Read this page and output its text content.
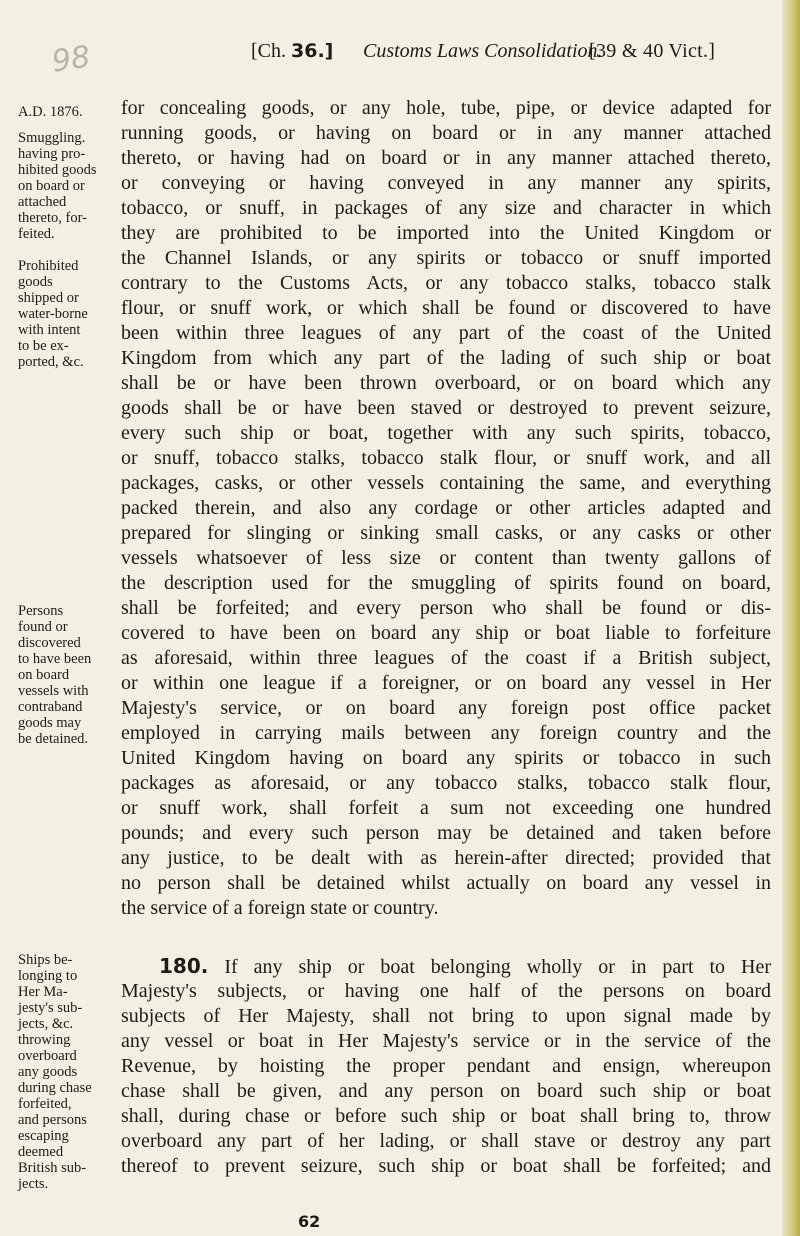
98	[Ch. 36.] Customs Laws Consolidation.
[39 & 40 Vict.]
A.D. 1876.
Smuggling.
having pro-
hibited goods
on board or
attached
thereto, for-
feited.
Prohibited
goods
shipped or
water-borne
with intent
to be ex-
ported, &c.
Persons
found or
discovered
to have been
on board
vessels with
contraband
goods may
be detained.
Ships be-
longing to
Her Ma-
jesty's sub-
jects, &c.
throwing
overboard
any goods
during chase
forfeited,
and persons
escaping
deemed
British sub-
jects.
for concealing goods, or any hole, tube, pipe, or device adapted for
running goods, or having on board or in any manner attached
thereto, or having had on board or in any manner attached thereto,
or conveying or having conveyed in any manner any spirits,
tobacco, or snuff, in packages of any size and character in which
they are prohibited to be imported into the United Kingdom or
the Channel Islands, or any spirits or tobacco or snuff imported
contrary to the Customs Acts, or any tobacco stalks, tobacco stalk
flour, or snuff work, or which shall be found or discovered to have
been within three leagues of any part of the coast of the United
Kingdom from which any part of the lading of such ship or boat
shall be or have been thrown overboard, or on board which any
goods shall be or have been staved or destroyed to prevent seizure,
every such ship or boat, together with any such spirits, tobacco,
or snuff, tobacco stalks, tobacco stalk flour, or snuff work, and all
packages, casks, or other vessels containing the same, and everything
packed therein, and also any cordage or other articles adapted and
prepared for slinging or sinking small casks, or any casks or other
vessels whatsoever of less size or content than twenty gallons of
the description used for the smuggling of spirits found on board,
shall be forfeited; and every person who shall be found or dis-
covered to have been on board any ship or boat liable to forfeiture
as aforesaid, within three leagues of the coast if a British subject,
or within one league if a foreigner, or on board any vessel in Her
Majesty's service, or on board any foreign post office packet
employed in carrying mails between any foreign country and the
United Kingdom having on board any spirits or tobacco in such
packages as aforesaid, or any tobacco stalks, tobacco stalk flour,
or snuff work, shall forfeit a sum not exceeding one hundred
pounds; and every such person may be detained and taken before
any justice, to be dealt with as herein-after directed; provided that
no person shall be detained whilst actually on board any vessel in
the service of a foreign state or country.
180. If any ship or boat belonging wholly or in part to Her
Majesty's subjects, or having one half of the persons on board
subjects of Her Majesty, shall not bring to upon signal made by
any vessel or boat in Her Majesty's service or in the service of the
Revenue, by hoisting the proper pendant and ensign, whereupon
chase shall be given, and any person on board such ship or boat
shall, during chase or before such ship or boat shall bring to, throw
overboard any part of her lading, or shall stave or destroy any part
thereof to prevent seizure, such ship or boat shall be forfeited; and
62
